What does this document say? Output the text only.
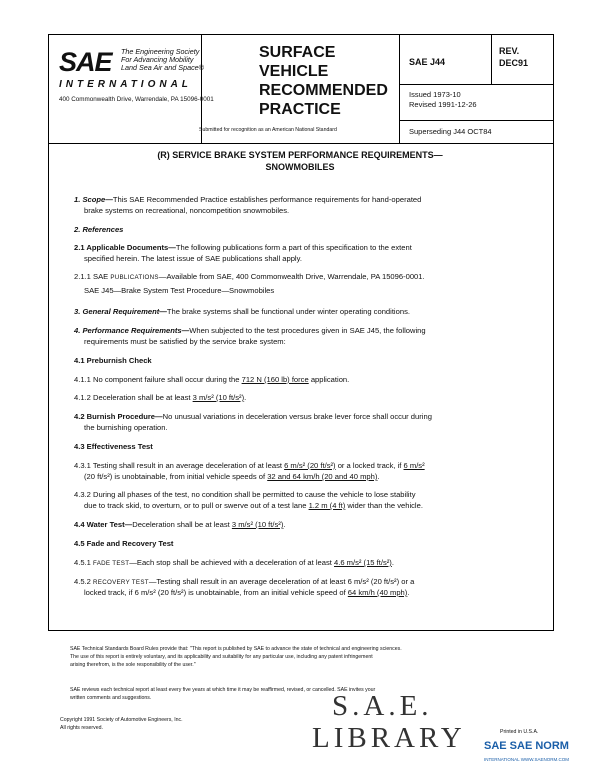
SAE The Engineering Society
For Advancing Mobility
Land Sea Air and Space®
INTERNATIONAL
400 Commonwealth Drive, Warrendale, PA 15096-0001
SURFACE
VEHICLE
RECOMMENDED
PRACTICE
Submitted for recognition as an American National Standard
SAE J44
REV.
DEC91
Issued 1973-10
Revised 1991-12-26
Superseding J44 OCT84
(R) SERVICE BRAKE SYSTEM PERFORMANCE REQUIREMENTS—
SNOWMOBILES
1. Scope—This SAE Recommended Practice establishes performance requirements for hand-operated
brake systems on recreational, noncompetition snowmobiles.
2. References
2.1 Applicable Documents—The following publications form a part of this specification to the extent
specified herein. The latest issue of SAE publications shall apply.
2.1.1 SAE PUBLICATIONS—Available from SAE, 400 Commonwealth Drive, Warrendale, PA 15096-0001.
SAE J45—Brake System Test Procedure—Snowmobiles
3. General Requirement—The brake systems shall be functional under winter operating conditions.
4. Performance Requirements—When subjected to the test procedures given in SAE J45, the following
requirements must be satisfied by the service brake system:
4.1 Preburnish Check
4.1.1 No component failure shall occur during the 712 N (160 lb) force application.
4.1.2 Deceleration shall be at least 3 m/s² (10 ft/s²).
4.2 Burnish Procedure—No unusual variations in deceleration versus brake lever force shall occur during
the burnishing operation.
4.3 Effectiveness Test
4.3.1 Testing shall result in an average deceleration of at least 6 m/s² (20 ft/s²) or a locked track, if 6 m/s²
(20 ft/s²) is unobtainable, from initial vehicle speeds of 32 and 64 km/h (20 and 40 mph).
4.3.2 During all phases of the test, no condition shall be permitted to cause the vehicle to lose stability
due to track skid, to overturn, or to pull or swerve out of a test lane 1.2 m (4 ft) wider than the vehicle.
4.4 Water Test—Deceleration shall be at least 3 m/s² (10 ft/s²).
4.5 Fade and Recovery Test
4.5.1 FADE TEST—Each stop shall be achieved with a deceleration of at least 4.6 m/s² (15 ft/s²).
4.5.2 RECOVERY TEST—Testing shall result in an average deceleration of at least 6 m/s² (20 ft/s²) or a
locked track, if 6 m/s² (20 ft/s²) is unobtainable, from an initial vehicle speed of 64 km/h (40 mph).
SAE Technical Standards Board Rules provide that: "This report is published by SAE to advance the state of technical and engineering sciences.
The use of this report is entirely voluntary, and its applicability and suitability for any particular use, including any patent infringement
arising therefrom, is the sole responsibility of the user."
SAE reviews each technical report at least every five years at which time it may be reaffirmed, revised, or cancelled. SAE invites your
written comments and suggestions.
Copyright 1991 Society of Automotive Engineers, Inc.
All rights reserved.
Printed in U.S.A.
S.A.E.
LIBRARY SAE SAE NORM
INTERNATIONAL WWW.SAENORM.COM
